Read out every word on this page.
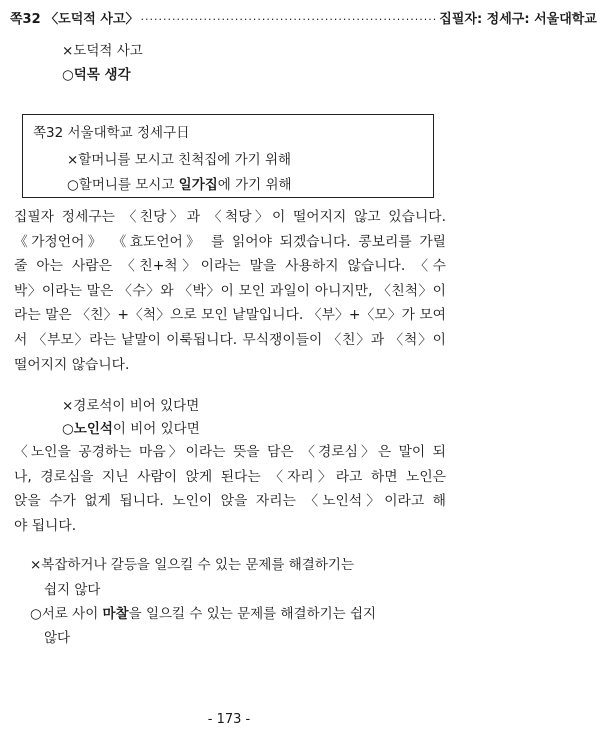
쪽32 〈도덕적 사고〉 ·································································· 집필자: 정세구: 서울대학교
×도덕적 사고
○덕목 생각
쪽32 서울대학교 정세구日
×할머니를 모시고 친척집에 가기 위해
○할머니를 모시고 일가집에 가기 위해
집필자 정세구는 〈친당〉과 〈척당〉이 떨어지지 않고 있습니다.
《가정언어》 《효도언어》 를 읽어야 되겠습니다. 콩보리를 가릴
줄 아는 사람은 〈친+척〉이라는 말을 사용하지 않습니다. 〈수
박〉이라는 말은 〈수〉와 〈박〉이 모인 과일이 아니지만, 〈친척〉이
라는 말은 〈친〉+〈척〉으로 모인 낱말입니다. 〈부〉+〈모〉가 모여
서 〈부모〉라는 낱말이 이룩됩니다. 무식쟁이들이 〈친〉과 〈척〉이
떨어지지 않습니다.
×경로석이 비어 있다면
○노인석이 비어 있다면
〈노인을 공경하는 마음〉이라는 뜻을 담은 〈경로심〉은 말이 되
나, 경로심을 지닌 사람이 앉게 된다는 〈자리〉라고 하면 노인은
앉을 수가 없게 됩니다. 노인이 앉을 자리는 〈노인석〉이라고 해
야 됩니다.
×복잡하거나 갈등을 일으킬 수 있는 문제를 해결하기는
쉽지 않다
○서로 사이 마찰을 일으킬 수 있는 문제를 해결하기는 쉽지
않다
- 173 -
